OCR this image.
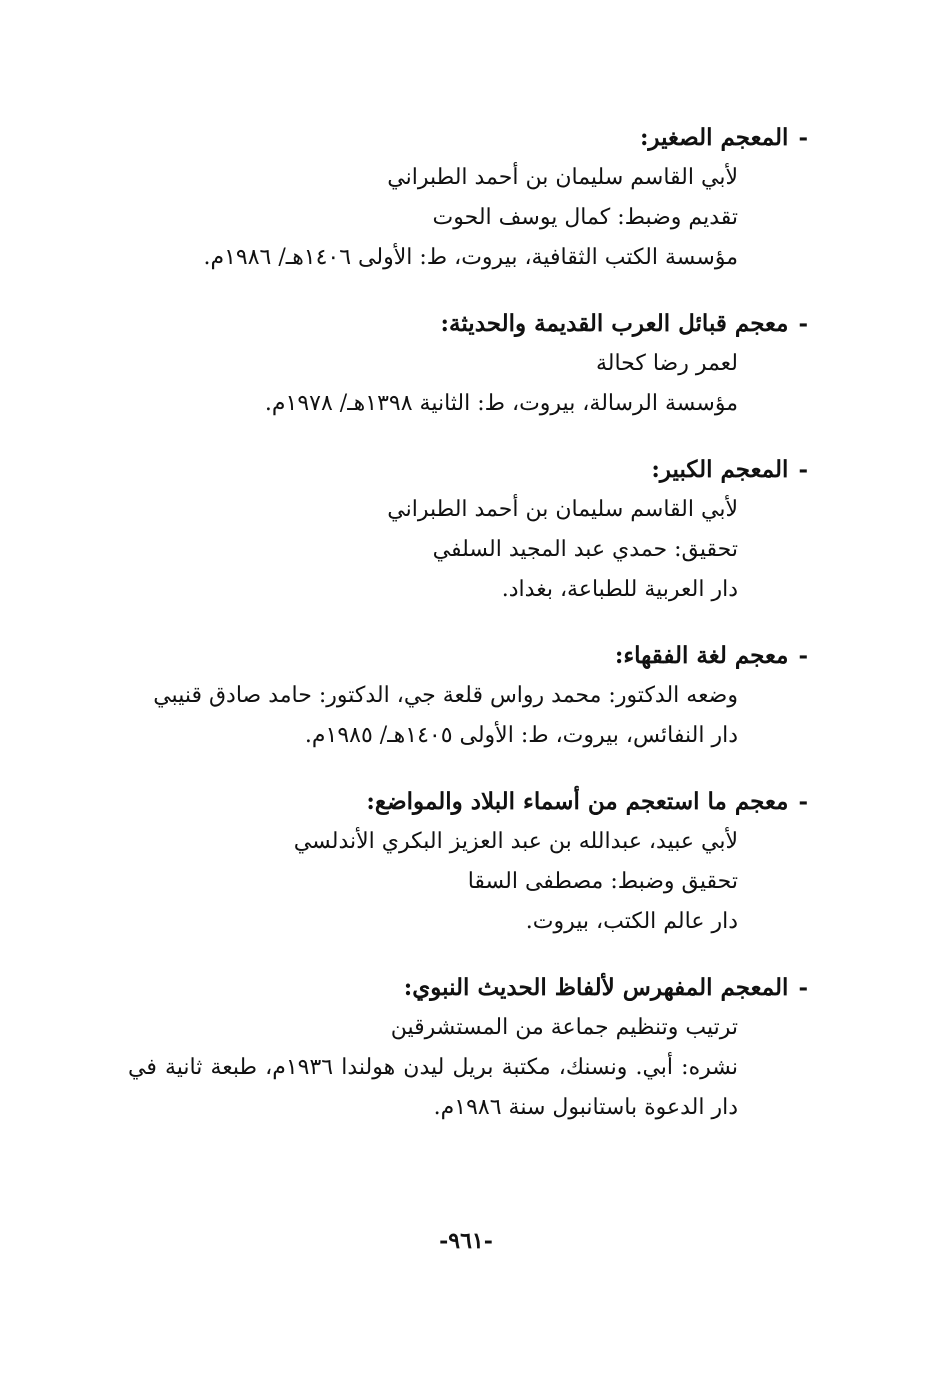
-المعجم الصغير:
لأبي القاسم سليمان بن أحمد الطبراني
تقديم وضبط: كمال يوسف الحوت
مؤسسة الكتب الثقافية، بيروت، ط: الأولى ١٤٠٦هـ/ ١٩٨٦م.
-معجم قبائل العرب القديمة والحديثة:
لعمر رضا كحالة
مؤسسة الرسالة، بيروت، ط: الثانية ١٣٩٨هـ/ ١٩٧٨م.
-المعجم الكبير:
لأبي القاسم سليمان بن أحمد الطبراني
تحقيق: حمدي عبد المجيد السلفي
دار العربية للطباعة، بغداد.
-معجم لغة الفقهاء:
وضعه الدكتور: محمد رواس قلعة جي، الدكتور: حامد صادق قنيبي
دار النفائس، بيروت، ط: الأولى ١٤٠٥هـ/ ١٩٨٥م.
-معجم ما استعجم من أسماء البلاد والمواضع:
لأبي عبيد، عبدالله بن عبد العزيز البكري الأندلسي
تحقيق وضبط: مصطفى السقا
دار عالم الكتب، بيروت.
-المعجم المفهرس لألفاظ الحديث النبوي:
ترتيب وتنظيم جماعة من المستشرقين
نشره: أبي. ونسنك، مكتبة بريل ليدن هولندا ١٩٣٦م، طبعة ثانية في دار الدعوة باستانبول سنة ١٩٨٦م.
-٩٦١-
